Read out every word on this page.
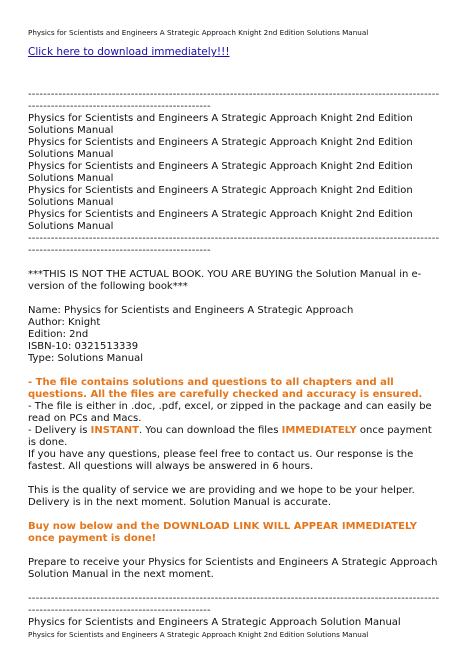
Physics for Scientists and Engineers A Strategic Approach Knight 2nd Edition Solutions Manual
Click here to download immediately!!!
------------------------------------------------------------------------------------------------------------------------------------------------------------
Physics for Scientists and Engineers A Strategic Approach Knight 2nd Edition Solutions Manual
Physics for Scientists and Engineers A Strategic Approach Knight 2nd Edition Solutions Manual
Physics for Scientists and Engineers A Strategic Approach Knight 2nd Edition Solutions Manual
Physics for Scientists and Engineers A Strategic Approach Knight 2nd Edition Solutions Manual
Physics for Scientists and Engineers A Strategic Approach Knight 2nd Edition Solutions Manual
------------------------------------------------------------------------------------------------------------------------------------------------------------

***THIS IS NOT THE ACTUAL BOOK. YOU ARE BUYING the Solution Manual in e-version of the following book***

Name: Physics for Scientists and Engineers A Strategic Approach
Author: Knight
Edition: 2nd
ISBN-10: 0321513339
Type: Solutions Manual

- The file contains solutions and questions to all chapters and all questions. All the files are carefully checked and accuracy is ensured.

- The file is either in .doc, .pdf, excel, or zipped in the package and can easily be read on PCs and Macs.

- Delivery is INSTANT. You can download the files IMMEDIATELY once payment is done.

If you have any questions, please feel free to contact us. Our response is the fastest. All questions will always be answered in 6 hours.

This is the quality of service we are providing and we hope to be your helper. Delivery is in the next moment. Solution Manual is accurate.

Buy now below and the DOWNLOAD LINK WILL APPEAR IMMEDIATELY once payment is done!

Prepare to receive your Physics for Scientists and Engineers A Strategic Approach Solution Manual in the next moment.

------------------------------------------------------------------------------------------------------------------------------------------------------------
Physics for Scientists and Engineers A Strategic Approach Solution Manual
Physics for Scientists and Engineers A Strategic Approach Knight 2nd Edition Solutions Manual
